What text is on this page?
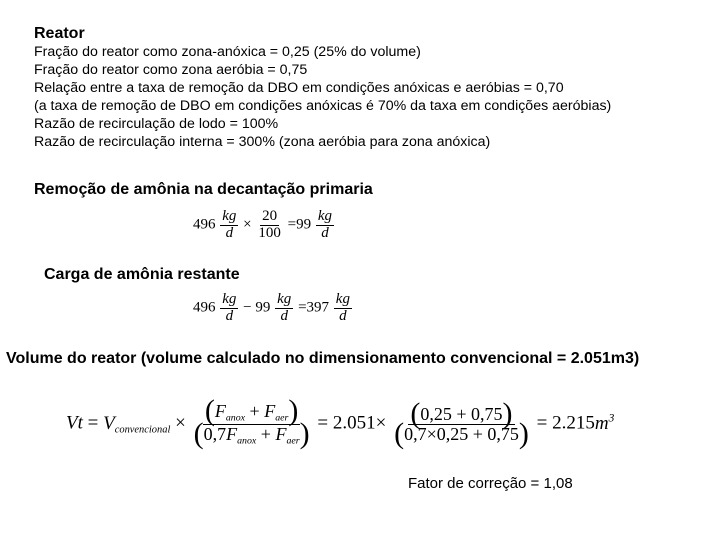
Reator
Fração do reator como zona-anóxica = 0,25 (25% do volume)
Fração do reator como zona aeróbia = 0,75
Relação entre a taxa de remoção da DBO em condições anóxicas e aeróbias = 0,70
(a taxa de remoção de DBO em condições anóxicas é 70% da taxa em condições aeróbias)
Razão de recirculação de lodo = 100%
Razão de recirculação interna = 300% (zona aeróbia para zona anóxica)
Remoção de amônia na decantação primaria
$496 \frac{kg}{d} \times \frac{20}{100} =99 \frac{kg}{d}$
Carga de amônia restante
$496 \frac{kg}{d} - 99 \frac{kg}{d} =397 \frac{kg}{d}$
Volume do reator (volume calculado no dimensionamento convencional = 2.051m3)
$Vt = V_{convencional} \times \frac{(F_{anox} + F_{aer})}{(0,7F_{anox} + F_{aer})} = 2.051\times \frac{(0,25 + 0,75)}{(0,7\times 0,25 + 0,75)} = 2.215m^3$
Fator de correção = 1,08
